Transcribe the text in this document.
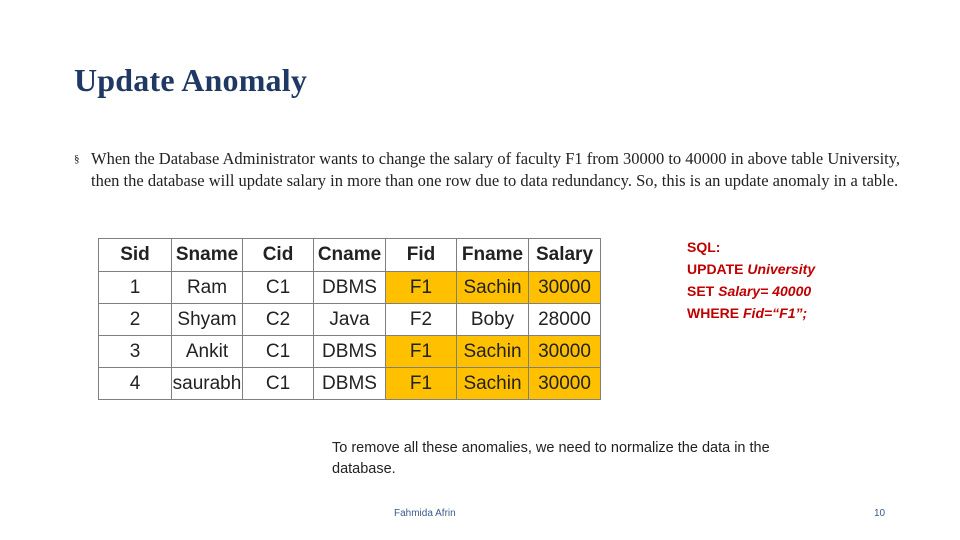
Update Anomaly
§ When the Database Administrator wants to change the salary of faculty F1 from 30000 to 40000 in above table University, then the database will update salary in more than one row due to data redundancy. So, this is an update anomaly in a table.
Sid	Sname	Cid	Cname	Fid	Fname	Salary
1	Ram	C1	DBMS	F1	Sachin	30000
2	Shyam	C2	Java	F2	Boby	28000
3	Ankit	C1	DBMS	F1	Sachin	30000
4	saurabh	C1	DBMS	F1	Sachin	30000
SQL:
UPDATE University
SET Salary= 40000
WHERE Fid=“F1”;
To remove all these anomalies, we need to normalize the data in the database.
Fahmida Afrin	10
